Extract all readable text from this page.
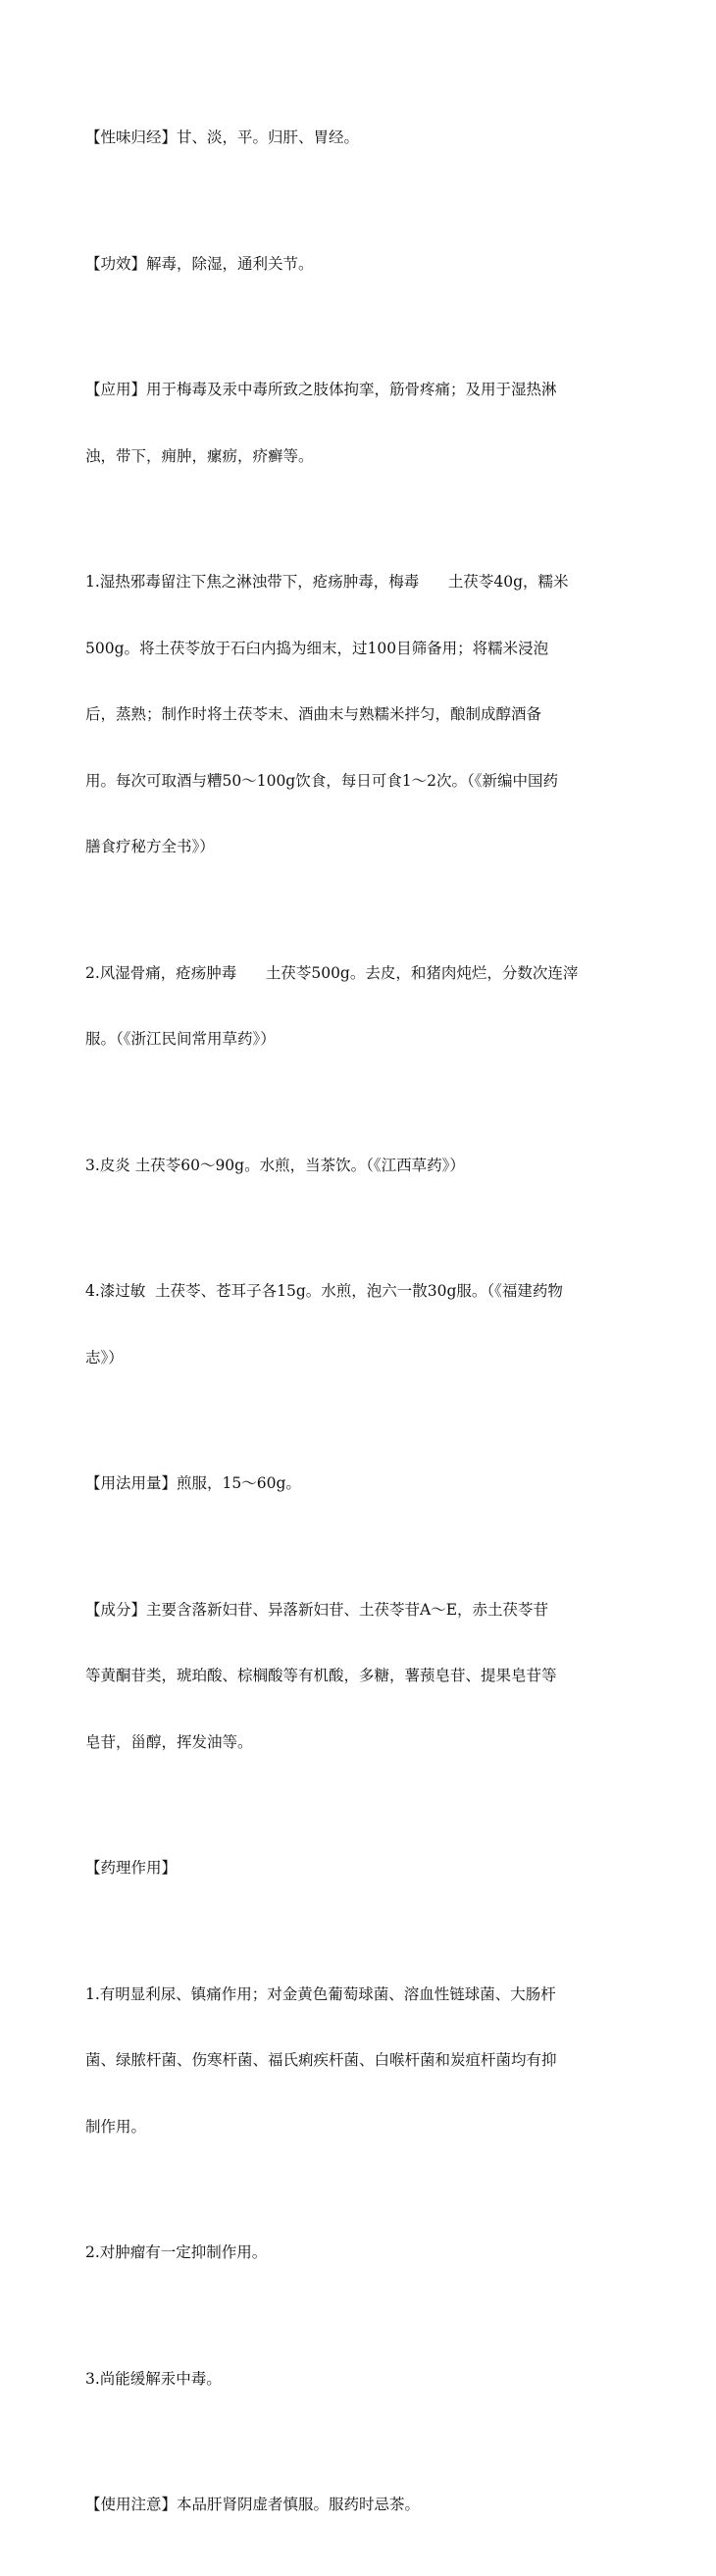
【性味归经】甘、淡，平。归肝、胃经。

【功效】解毒，除湿，通利关节。

【应用】用于梅毒及汞中毒所致之肢体拘挛，筋骨疼痛；及用于湿热淋

浊，带下，痈肿，瘰疬，疥癣等。

1.湿热邪毒留注下焦之淋浊带下，疮疡肿毒，梅毒      土茯苓40g，糯米

500g。将土茯苓放于石臼内捣为细末，过100目筛备用；将糯米浸泡

后，蒸熟；制作时将土茯苓末、酒曲末与熟糯米拌匀，酿制成醇酒备

用。每次可取酒与糟50～100g饮食，每日可食1～2次。（《新编中国药

膳食疗秘方全书》）

2.风湿骨痛，疮疡肿毒      土茯苓500g。去皮，和猪肉炖烂，分数次连滓

服。（《浙江民间常用草药》）

3.皮炎 土茯苓60～90g。水煎，当茶饮。（《江西草药》）

4.漆过敏  土茯苓、苍耳子各15g。水煎，泡六一散30g服。（《福建药物

志》）

【用法用量】煎服，15～60g。

【成分】主要含落新妇苷、异落新妇苷、土茯苓苷A～E，赤土茯苓苷

等黄酮苷类，琥珀酸、棕榈酸等有机酸，多糖，薯蓣皂苷、提果皂苷等

皂苷，甾醇，挥发油等。

【药理作用】

1.有明显利尿、镇痛作用；对金黄色葡萄球菌、溶血性链球菌、大肠杆

菌、绿脓杆菌、伤寒杆菌、福氏痢疾杆菌、白喉杆菌和炭疽杆菌均有抑

制作用。

2.对肿瘤有一定抑制作用。

3.尚能缓解汞中毒。

【使用注意】本品肝肾阴虚者慎服。服药时忌茶。
